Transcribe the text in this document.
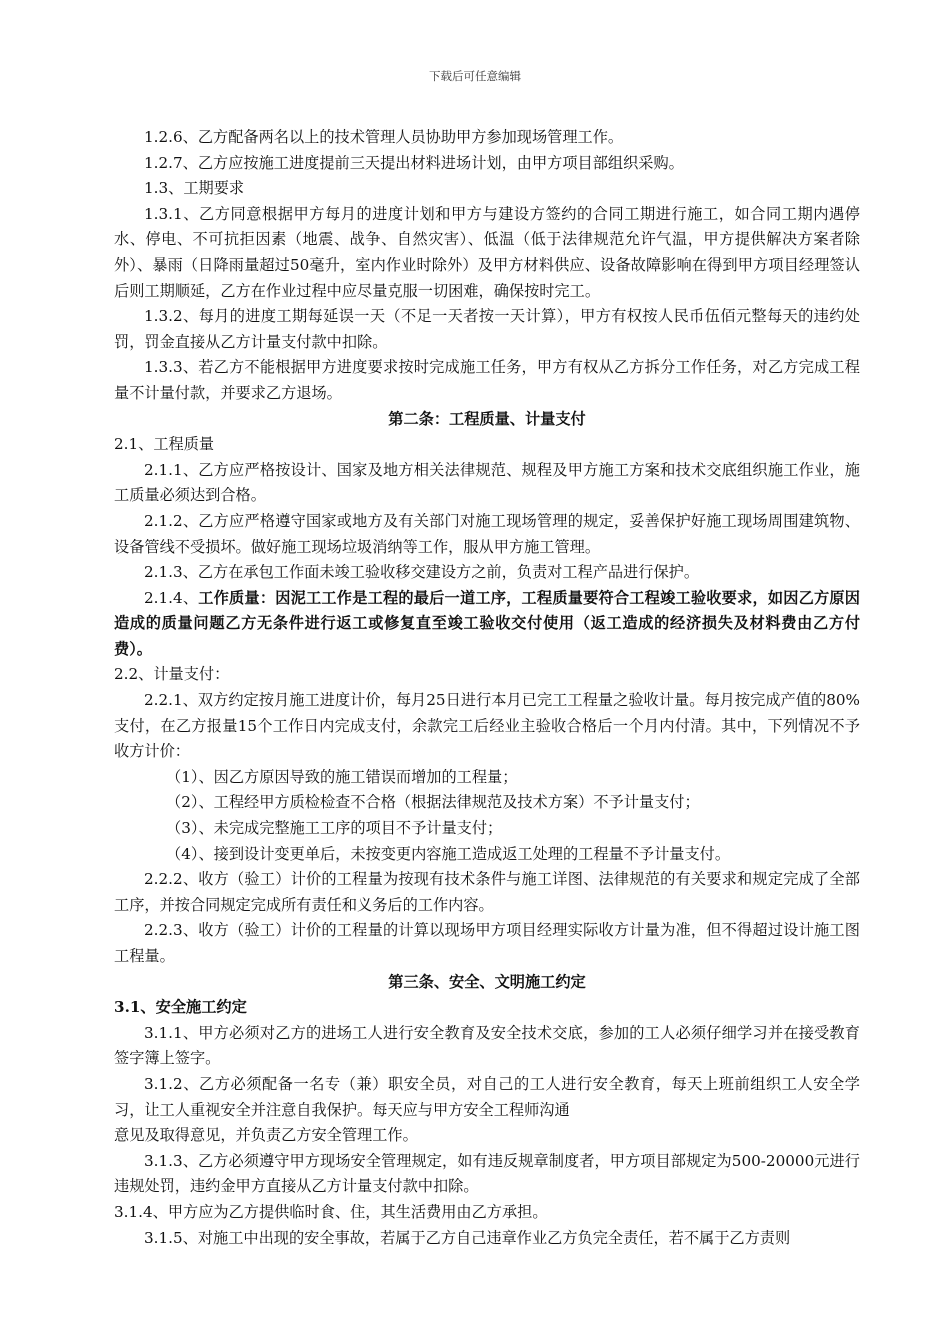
下载后可任意编辑
1.2.6、乙方配备两名以上的技术管理人员协助甲方参加现场管理工作。
1.2.7、乙方应按施工进度提前三天提出材料进场计划，由甲方项目部组织采购。
1.3、工期要求
1.3.1、乙方同意根据甲方每月的进度计划和甲方与建设方签约的合同工期进行施工，如合同工期内遇停水、停电、不可抗拒因素（地震、战争、自然灾害）、低温（低于法律规范允许气温，甲方提供解决方案者除外）、暴雨（日降雨量超过50毫升，室内作业时除外）及甲方材料供应、设备故障影响在得到甲方项目经理签认后则工期顺延，乙方在作业过程中应尽量克服一切困难，确保按时完工。
1.3.2、每月的进度工期每延误一天（不足一天者按一天计算），甲方有权按人民币伍佰元整每天的违约处罚，罚金直接从乙方计量支付款中扣除。
1.3.3、若乙方不能根据甲方进度要求按时完成施工任务，甲方有权从乙方拆分工作任务，对乙方完成工程量不计量付款，并要求乙方退场。
第二条：工程质量、计量支付
2.1、工程质量
2.1.1、乙方应严格按设计、国家及地方相关法律规范、规程及甲方施工方案和技术交底组织施工作业，施工质量必须达到合格。
2.1.2、乙方应严格遵守国家或地方及有关部门对施工现场管理的规定，妥善保护好施工现场周围建筑物、设备管线不受损坏。做好施工现场垃圾消纳等工作，服从甲方施工管理。
2.1.3、乙方在承包工作面未竣工验收移交建设方之前，负责对工程产品进行保护。
2.1.4、工作质量：因泥工工作是工程的最后一道工序，工程质量要符合工程竣工验收要求，如因乙方原因造成的质量问题乙方无条件进行返工或修复直至竣工验收交付使用（返工造成的经济损失及材料费由乙方付费）。
2.2、计量支付：
2.2.1、双方约定按月施工进度计价，每月25日进行本月已完工工程量之验收计量。每月按完成产值的80%支付，在乙方报量15个工作日内完成支付，余款完工后经业主验收合格后一个月内付清。其中，下列情况不予收方计价：
（1）、因乙方原因导致的施工错误而增加的工程量；
（2）、工程经甲方质检检查不合格（根据法律规范及技术方案）不予计量支付；
（3）、未完成完整施工工序的项目不予计量支付；
（4）、接到设计变更单后，未按变更内容施工造成返工处理的工程量不予计量支付。
2.2.2、收方（验工）计价的工程量为按现有技术条件与施工详图、法律规范的有关要求和规定完成了全部工序，并按合同规定完成所有责任和义务后的工作内容。
2.2.3、收方（验工）计价的工程量的计算以现场甲方项目经理实际收方计量为准，但不得超过设计施工图工程量。
第三条、安全、文明施工约定
3.1、安全施工约定
3.1.1、甲方必须对乙方的进场工人进行安全教育及安全技术交底，参加的工人必须仔细学习并在接受教育签字簿上签字。
3.1.2、乙方必须配备一名专（兼）职安全员，对自己的工人进行安全教育，每天上班前组织工人安全学习，让工人重视安全并注意自我保护。每天应与甲方安全工程师沟通
意见及取得意见，并负责乙方安全管理工作。
3.1.3、乙方必须遵守甲方现场安全管理规定，如有违反规章制度者，甲方项目部规定为500-20000元进行违规处罚，违约金甲方直接从乙方计量支付款中扣除。
3.1.4、甲方应为乙方提供临时食、住，其生活费用由乙方承担。
3.1.5、对施工中出现的安全事故，若属于乙方自己违章作业乙方负完全责任，若不属于乙方责则
